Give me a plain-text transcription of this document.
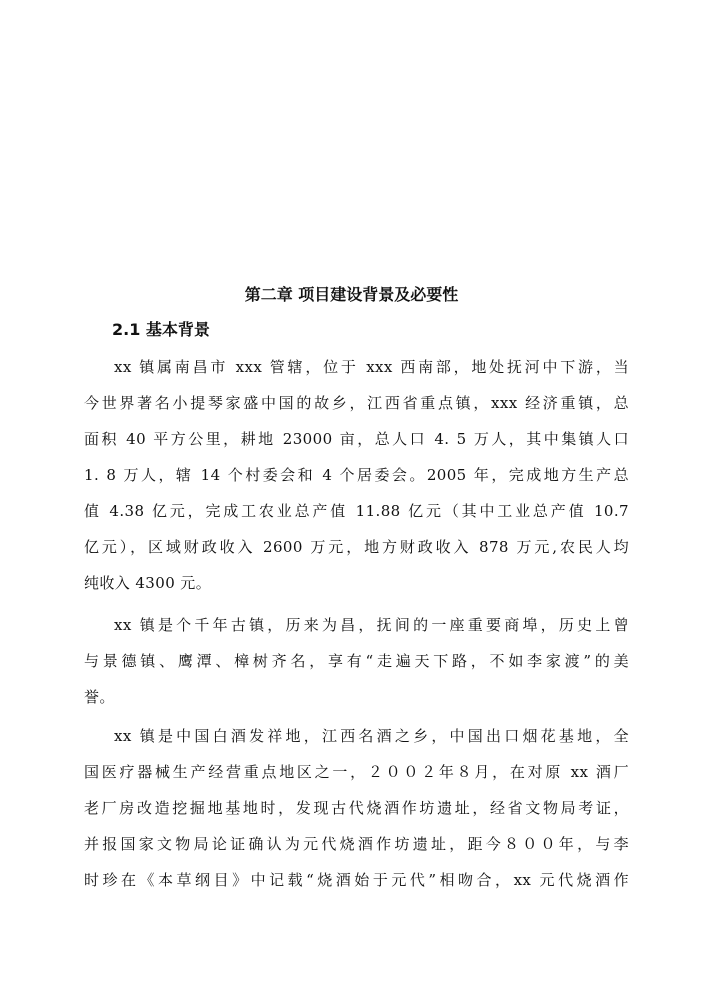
第二章 项目建设背景及必要性
2.1 基本背景
xx 镇属南昌市 xxx 管辖，位于 xxx 西南部，地处抚河中下游，当
今世界著名小提琴家盛中国的故乡，江西省重点镇，xxx 经济重镇，总
面积 40 平方公里，耕地 23000 亩，总人口 4. 5 万人，其中集镇人口
1. 8 万人，辖 14 个村委会和 4 个居委会。2005 年，完成地方生产总
值 4.38 亿元，完成工农业总产值 11.88 亿元（其中工业总产值 10.7
亿元），区域财政收入 2600 万元，地方财政收入 878 万元,农民人均
纯收入 4300 元。
xx 镇是个千年古镇，历来为昌，抚间的一座重要商埠，历史上曾
与景德镇、鹰潭、樟树齐名，享有“走遍天下路，不如李家渡”的美
誉。
xx 镇是中国白酒发祥地，江西名酒之乡，中国出口烟花基地，全
国医疗器械生产经营重点地区之一，２００２年８月，在对原 xx 酒厂
老厂房改造挖掘地基地时，发现古代烧酒作坊遗址，经省文物局考证，
并报国家文物局论证确认为元代烧酒作坊遗址，距今８００年，与李
时珍在《本草纲目》中记载“烧酒始于元代”相吻合，xx 元代烧酒作
